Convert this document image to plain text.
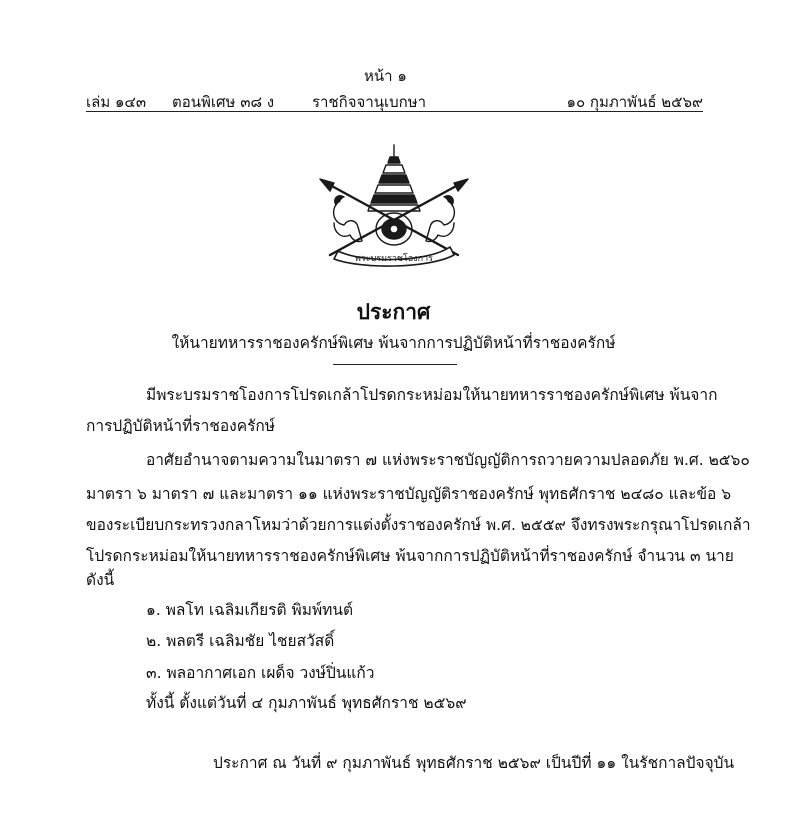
หน้า ๑
เล่ม ๑๔๓ ตอนพิเศษ ๓๘ ง	ราชกิจจานุเบกษา	๑๐ กุมภาพันธ์ ๒๕๖๙
พระบรมราชโองการ
ประกาศ
ให้นายทหารราชองครักษ์พิเศษ พ้นจากการปฏิบัติหน้าที่ราชองครักษ์
มีพระบรมราชโองการโปรดเกล้าโปรดกระหม่อมให้นายทหารราชองครักษ์พิเศษ พ้นจาก
การปฏิบัติหน้าที่ราชองครักษ์
อาศัยอำนาจตามความในมาตรา ๗ แห่งพระราชบัญญัติการถวายความปลอดภัย พ.ศ. ๒๕๖๐
มาตรา ๖ มาตรา ๗ และมาตรา ๑๑ แห่งพระราชบัญญัติราชองครักษ์ พุทธศักราช ๒๔๘๐ และข้อ ๖
ของระเบียบกระทรวงกลาโหมว่าด้วยการแต่งตั้งราชองครักษ์ พ.ศ. ๒๕๕๙ จึงทรงพระกรุณาโปรดเกล้า
โปรดกระหม่อมให้นายทหารราชองครักษ์พิเศษ พ้นจากการปฏิบัติหน้าที่ราชองครักษ์ จำนวน ๓ นาย
ดังนี้
๑. พลโท เฉลิมเกียรติ พิมพ์ทนต์
๒. พลตรี เฉลิมชัย ไชยสวัสดิ์
๓. พลอากาศเอก เผด็จ วงษ์ปิ่นแก้ว
ทั้งนี้ ตั้งแต่วันที่ ๔ กุมภาพันธ์ พุทธศักราช ๒๕๖๙
ประกาศ ณ วันที่ ๙ กุมภาพันธ์ พุทธศักราช ๒๕๖๙ เป็นปีที่ ๑๑ ในรัชกาลปัจจุบัน
